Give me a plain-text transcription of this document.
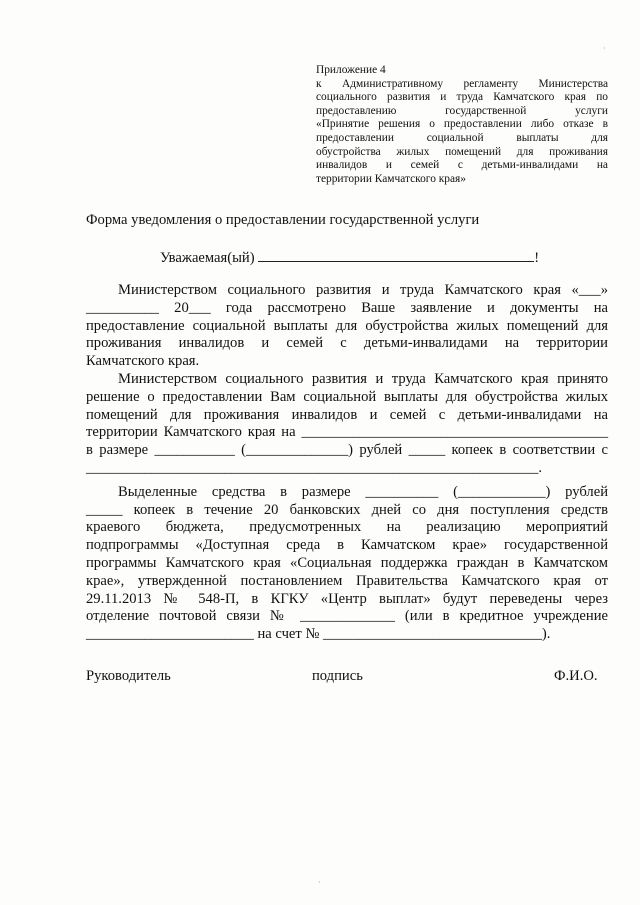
·
Приложение 4
к Административному регламенту Министерства
социального развития и труда Камчатского края по
предоставлению государственной услуги
«Принятие решения о предоставлении либо отказе в
предоставлении социальной выплаты для
обустройства жилых помещений для проживания
инвалидов и семей с детьми-инвалидами на
территории Камчатского края»
Форма уведомления о предоставлении государственной услуги
Уважаемая(ый)	!
Министерством социального развития и труда Камчатского края «___»
__________ 20___ года рассмотрено Ваше заявление и документы на
предоставление социальной выплаты для обустройства жилых помещений для
проживания инвалидов и семей с детьми-инвалидами на территории
Камчатского края.
Министерством социального развития и труда Камчатского края принято
решение о предоставлении Вам социальной выплаты для обустройства жилых
помещений для проживания инвалидов и семей с детьми-инвалидами на
территории Камчатского края на __________________________________________
в размере ___________ (______________) рублей _____ копеек в соответствии с
______________________________________________________________.
Выделенные средства в размере __________ (____________) рублей
_____ копеек в течение 20 банковских дней со дня поступления средств
краевого бюджета, предусмотренных на реализацию мероприятий
подпрограммы «Доступная среда в Камчатском крае» государственной
программы Камчатского края «Социальная поддержка граждан в Камчатском
крае», утвержденной постановлением Правительства Камчатского края от
29.11.2013 № 548-П, в КГКУ «Центр выплат» будут переведены через
отделение почтовой связи № _____________ (или в кредитное учреждение
_______________________ на счет № ______________________________).
Руководитель	подпись	Ф.И.О.
·
